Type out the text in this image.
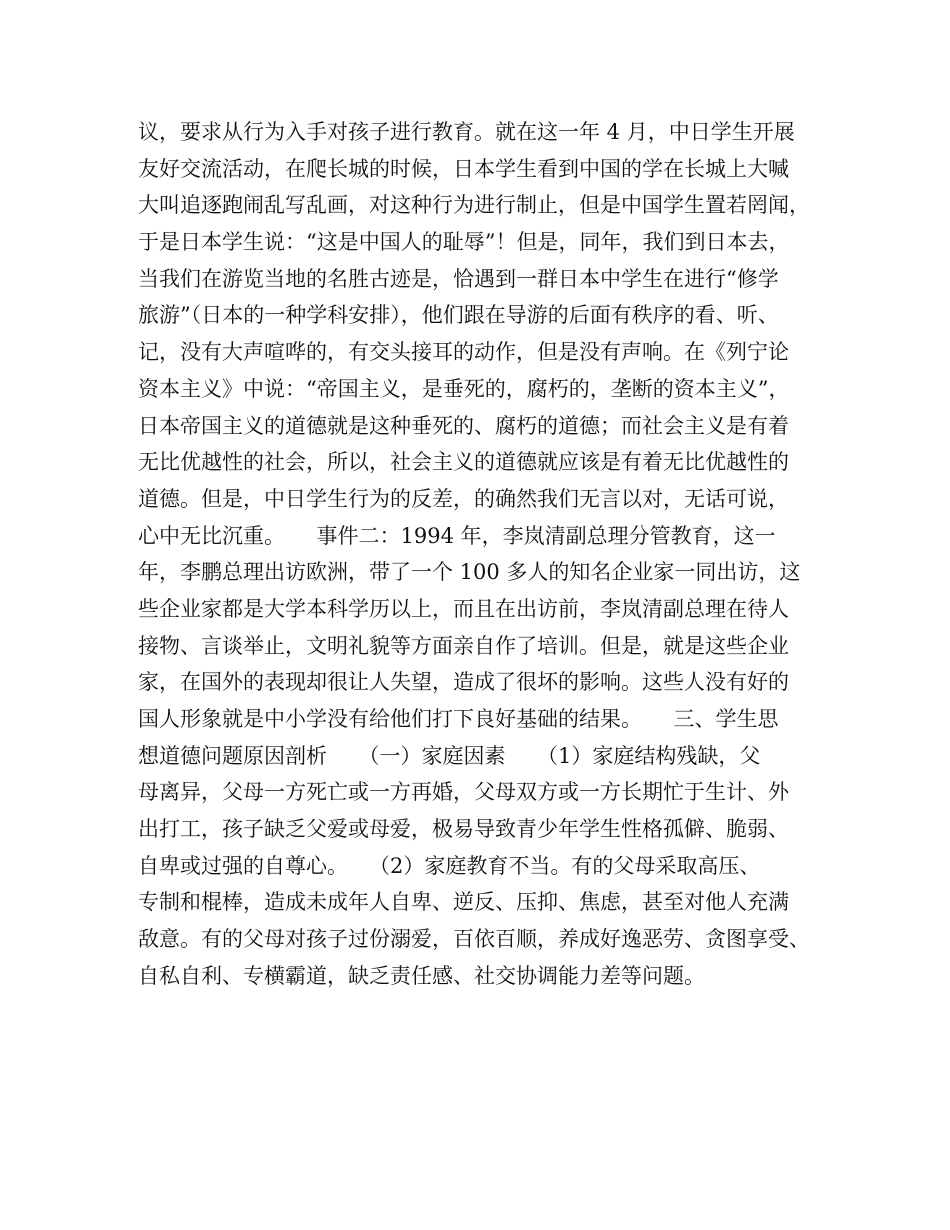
议，要求从行为入手对孩子进行教育。就在这一年 4 月，中日学生开展
友好交流活动，在爬长城的时候，日本学生看到中国的学在长城上大喊
大叫追逐跑闹乱写乱画，对这种行为进行制止，但是中国学生置若罔闻，
于是日本学生说：“这是中国人的耻辱”！但是，同年，我们到日本去，
当我们在游览当地的名胜古迹是，恰遇到一群日本中学生在进行“修学
旅游”（日本的一种学科安排），他们跟在导游的后面有秩序的看、听、
记，没有大声喧哗的，有交头接耳的动作，但是没有声响。在《列宁论
资本主义》中说：“帝国主义，是垂死的，腐朽的，垄断的资本主义”，
日本帝国主义的道德就是这种垂死的、腐朽的道德；而社会主义是有着
无比优越性的社会，所以，社会主义的道德就应该是有着无比优越性的
道德。但是，中日学生行为的反差，的确然我们无言以对，无话可说，
心中无比沉重。　　事件二：1994 年，李岚清副总理分管教育，这一
年，李鹏总理出访欧洲，带了一个 100 多人的知名企业家一同出访，这
些企业家都是大学本科学历以上，而且在出访前，李岚清副总理在待人
接物、言谈举止，文明礼貌等方面亲自作了培训。但是，就是这些企业
家，在国外的表现却很让人失望，造成了很坏的影响。这些人没有好的
国人形象就是中小学没有给他们打下良好基础的结果。　　三、学生思
想道德问题原因剖析　　（一）家庭因素　　（1）家庭结构残缺，父
母离异，父母一方死亡或一方再婚，父母双方或一方长期忙于生计、外
出打工，孩子缺乏父爱或母爱，极易导致青少年学生性格孤僻、脆弱、
自卑或过强的自尊心。　　（2）家庭教育不当。有的父母采取高压、
专制和棍棒，造成未成年人自卑、逆反、压抑、焦虑，甚至对他人充满
敌意。有的父母对孩子过份溺爱，百依百顺，养成好逸恶劳、贪图享受、
自私自利、专横霸道，缺乏责任感、社交协调能力差等问题。
